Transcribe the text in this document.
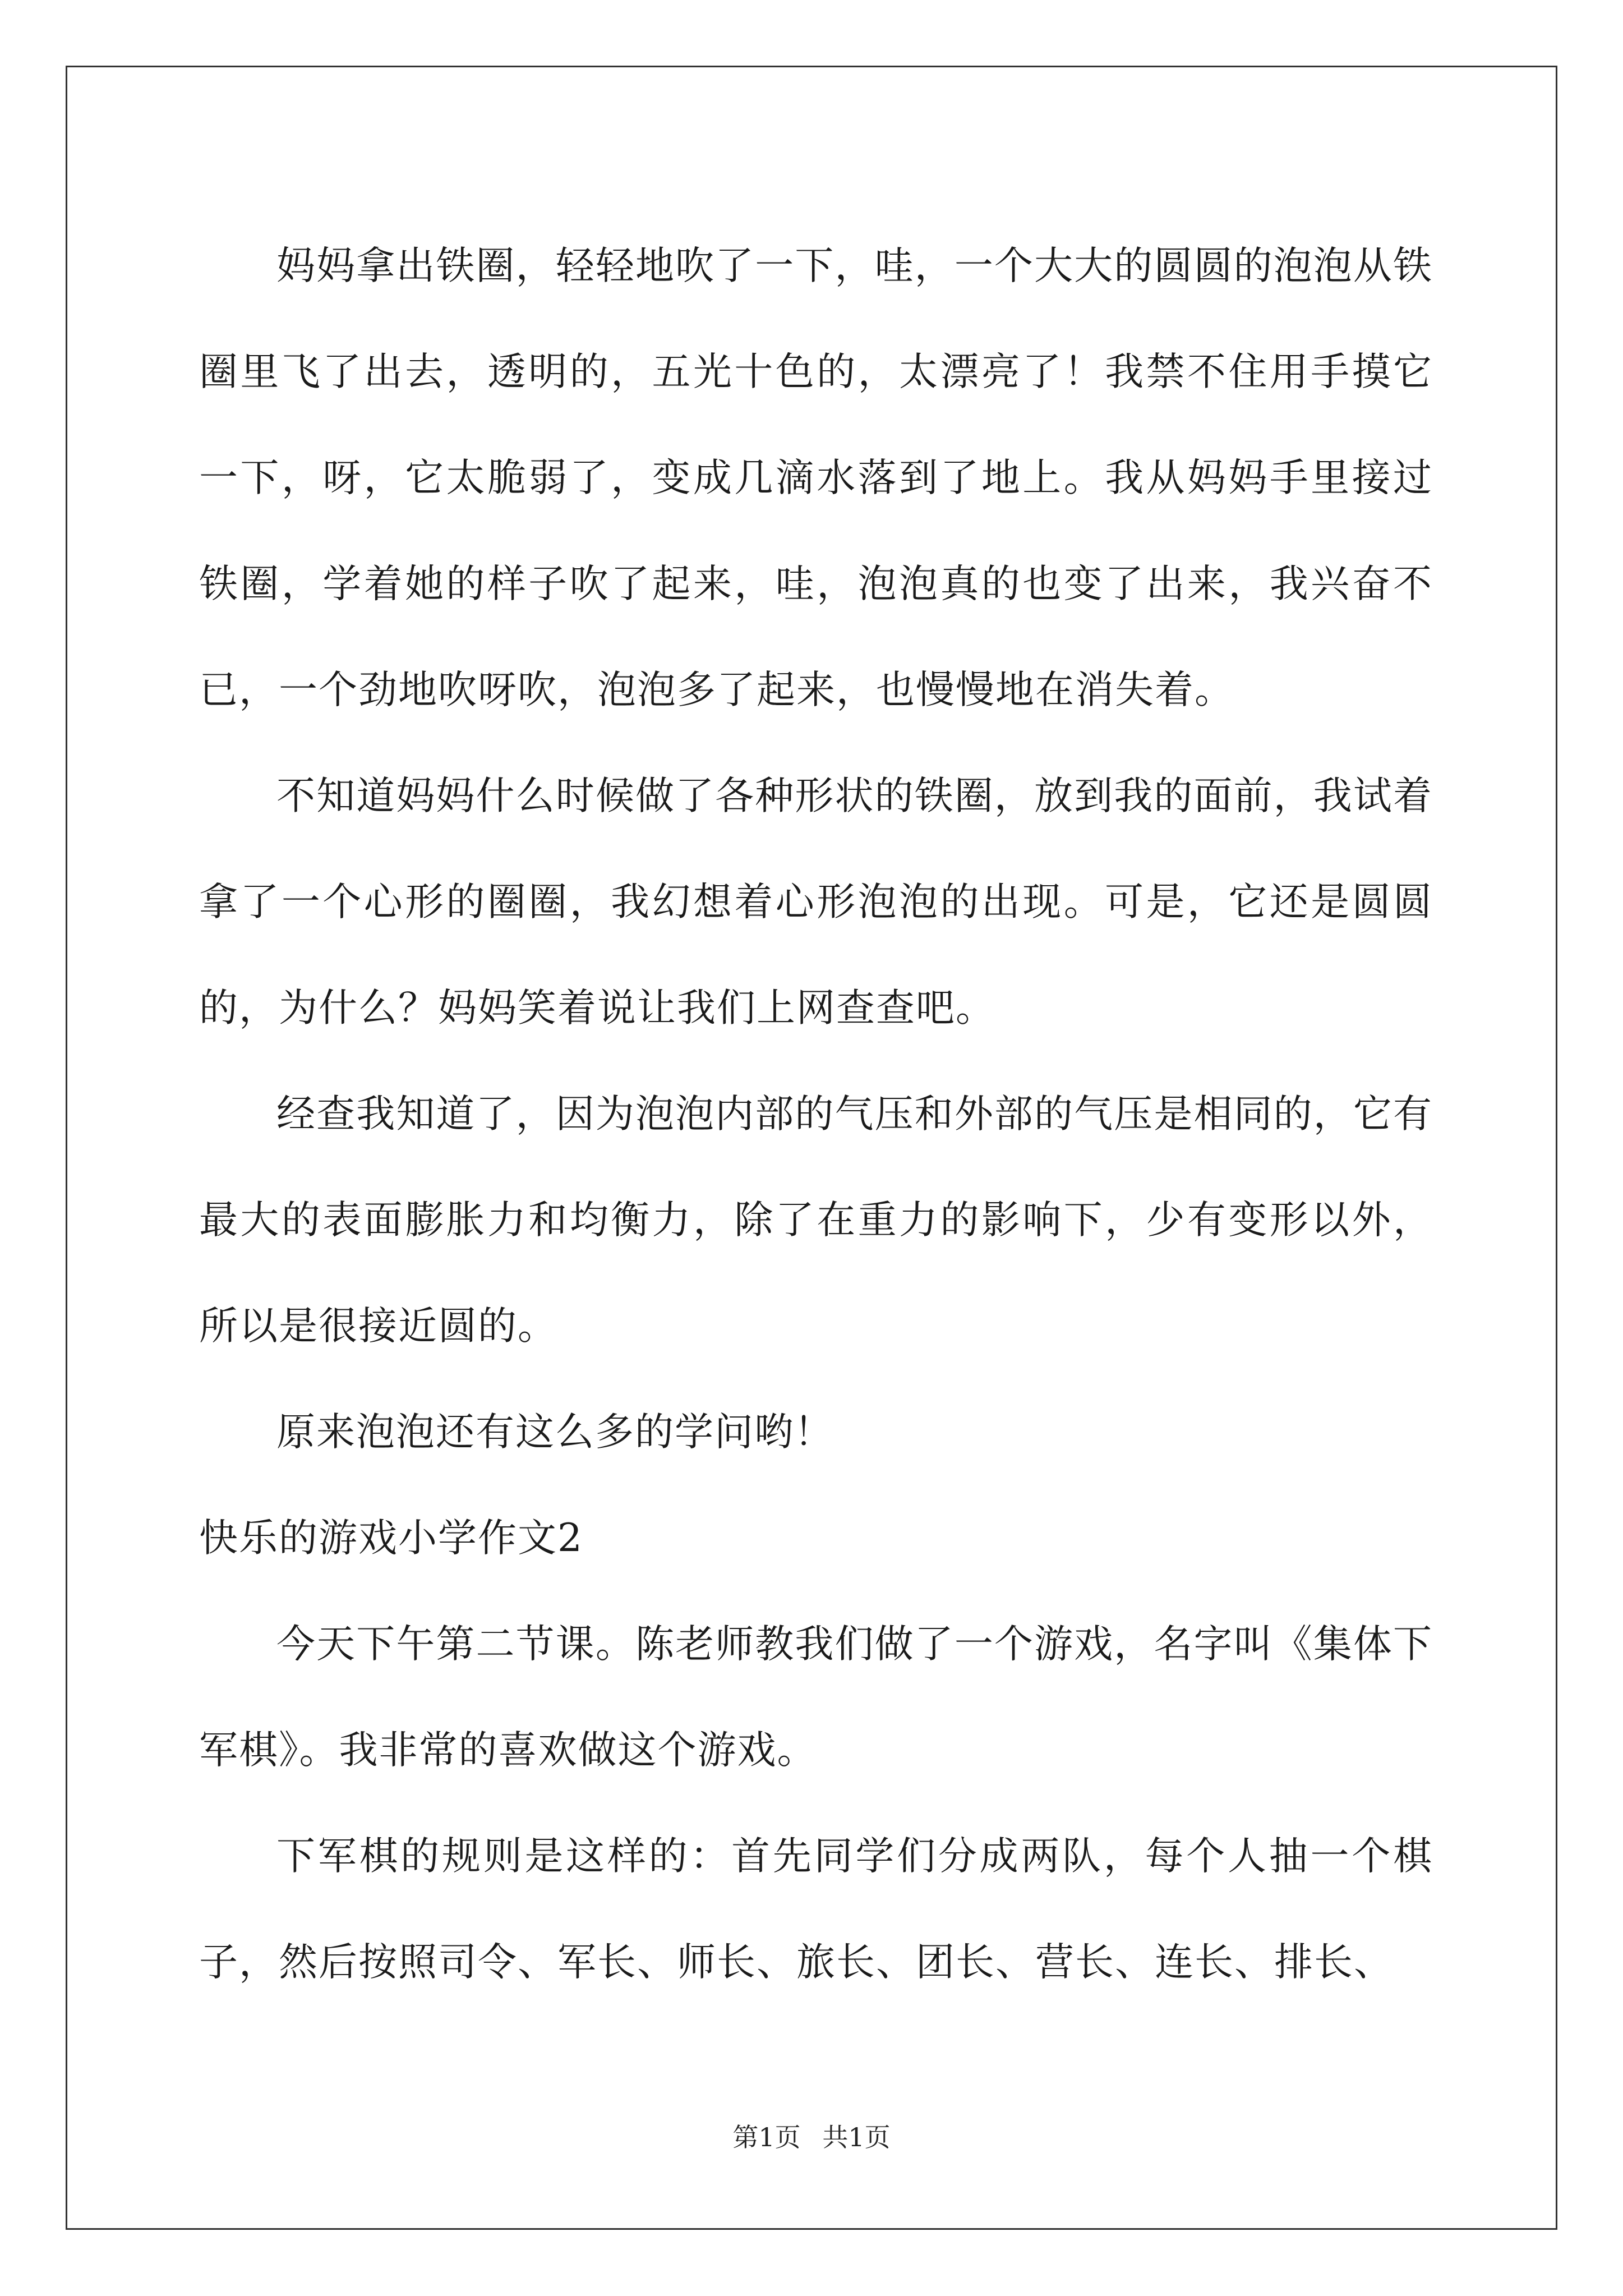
妈妈拿出铁圈，轻轻地吹了一下，哇，一个大大的圆圆的泡泡从铁圈里飞了出去，透明的，五光十色的，太漂亮了！我禁不住用手摸它一下，呀，它太脆弱了，变成几滴水落到了地上。我从妈妈手里接过铁圈，学着她的样子吹了起来，哇，泡泡真的也变了出来，我兴奋不已，一个劲地吹呀吹，泡泡多了起来，也慢慢地在消失着。

不知道妈妈什么时候做了各种形状的铁圈，放到我的面前，我试着拿了一个心形的圈圈，我幻想着心形泡泡的出现。可是，它还是圆圆的，为什么？妈妈笑着说让我们上网查查吧。

经查我知道了，因为泡泡内部的气压和外部的气压是相同的，它有最大的表面膨胀力和均衡力，除了在重力的影响下，少有变形以外，所以是很接近圆的。

原来泡泡还有这么多的学问哟！

快乐的游戏小学作文2

今天下午第二节课。陈老师教我们做了一个游戏，名字叫《集体下军棋》。我非常的喜欢做这个游戏。

下军棋的规则是这样的：首先同学们分成两队，每个人抽一个棋子，然后按照司令、军长、师长、旅长、团长、营长、连长、排长、

第1页 共1页
